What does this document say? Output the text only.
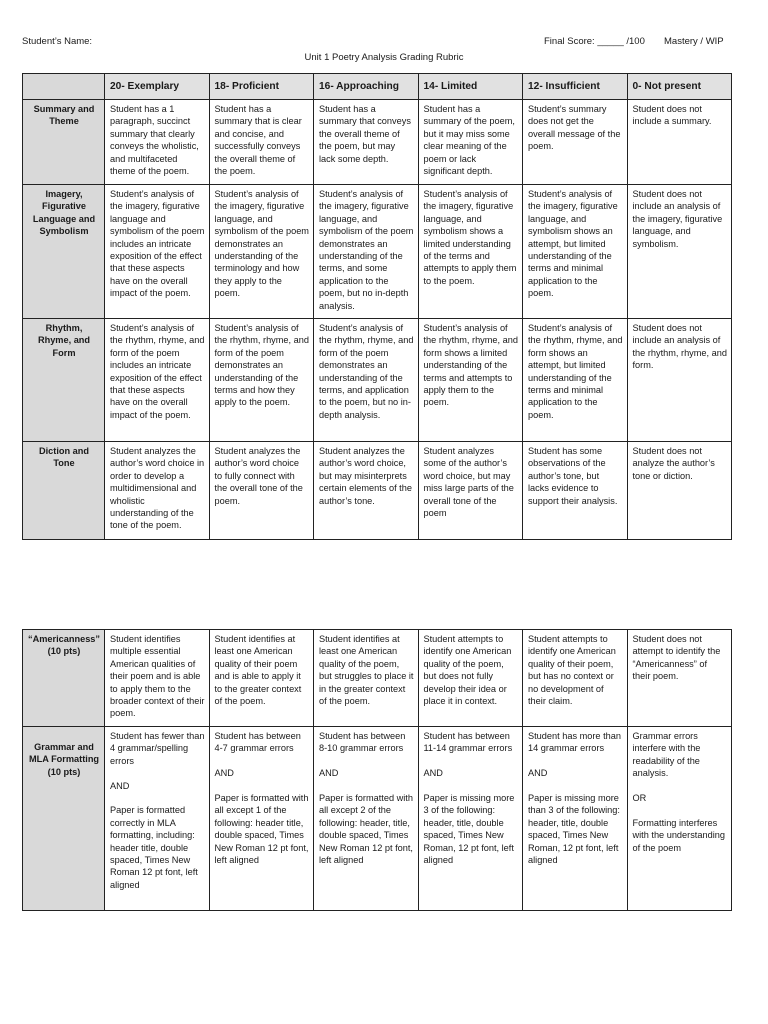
Student’s Name:	Final Score: _____ /100 Mastery / WIP
Unit 1 Poetry Analysis Grading Rubric
	20- Exemplary	18- Proficient	16- Approaching	14- Limited	12- Insufficient	0- Not present
Summary and Theme	Student has a 1 paragraph, succinct summary that clearly conveys the wholistic, and multifaceted theme of the poem.	Student has a summary that is clear and concise, and successfully conveys the overall theme of the poem.	Student has a summary that conveys the overall theme of the poem, but may lack some depth.	Student has a summary of the poem, but it may miss some clear meaning of the poem or lack significant depth.	Student’s summary does not get the overall message of the poem.	Student does not include a summary.
Imagery, Figurative Language and Symbolism	Student’s analysis of the imagery, figurative language and symbolism of the poem includes an intricate exposition of the effect that these aspects have on the overall impact of the poem.	Student’s analysis of the imagery, figurative language, and symbolism of the poem demonstrates an understanding of the terminology and how they apply to the poem.	Student’s analysis of the imagery, figurative language, and symbolism of the poem demonstrates an understanding of the terms, and some application to the poem, but no in-depth analysis.	Student’s analysis of the imagery, figurative language, and symbolism shows a limited understanding of the terms and attempts to apply them to the poem.	Student’s analysis of the imagery, figurative language, and symbolism shows an attempt, but limited understanding of the terms and minimal application to the poem.	Student does not include an analysis of the imagery, figurative language, and symbolism.
Rhythm, Rhyme, and Form	Student’s analysis of the rhythm, rhyme, and form of the poem includes an intricate exposition of the effect that these aspects have on the overall impact of the poem.	Student’s analysis of the rhythm, rhyme, and form of the poem demonstrates an understanding of the terms and how they apply to the poem.	Student’s analysis of the rhythm, rhyme, and form of the poem demonstrates an understanding of the terms, and application to the poem, but no in-depth analysis.	Student’s analysis of the rhythm, rhyme, and form shows a limited understanding of the terms and attempts to apply them to the poem.	Student’s analysis of the rhythm, rhyme, and form shows an attempt, but limited understanding of the terms and minimal application to the poem.	Student does not include an analysis of the rhythm, rhyme, and form.
Diction and Tone	Student analyzes the author’s word choice in order to develop a multidimensional and wholistic understanding of the tone of the poem.	Student analyzes the author’s word choice to fully connect with the overall tone of the poem.	Student analyzes the author’s word choice, but may misinterprets certain elements of the author’s tone.	Student analyzes some of the author’s word choice, but may miss large parts of the overall tone of the poem	Student has some observations of the author’s tone, but lacks evidence to support their analysis.	Student does not analyze the author’s tone or diction.
“Americanness” (10 pts)	Student identifies multiple essential American qualities of their poem and is able to apply them to the broader context of their poem.	Student identifies at least one American quality of their poem and is able to apply it to the greater context of the poem.	Student identifies at least one American quality of the poem, but struggles to place it in the greater context of the poem.	Student attempts to identify one American quality of the poem, but does not fully develop their idea or place it in context.	Student attempts to identify one American quality of their poem, but has no context or no development of their claim.	Student does not attempt to identify the “Americanness” of their poem.
Grammar and MLA Formatting (10 pts)	Student has fewer than 4 grammar/spelling errors

AND

Paper is formatted correctly in MLA formatting, including: header title, double spaced, Times New Roman 12 pt font, left aligned	Student has between 4-7 grammar errors

AND

Paper is formatted with all except 1 of the following: header title, double spaced, Times New Roman 12 pt font, left aligned	Student has between 8-10 grammar errors

AND

Paper is formatted with all except 2 of the following: header, title, double spaced, Times New Roman 12 pt font, left aligned	Student has between 11-14 grammar errors

AND

Paper is missing more 3 of the following: header, title, double spaced, Times New Roman, 12 pt font, left aligned	Student has more than 14 grammar errors

AND

Paper is missing more than 3 of the following: header, title, double spaced, Times New Roman, 12 pt font, left aligned	Grammar errors interfere with the readability of the analysis.

OR

Formatting interferes with the understanding of the poem
